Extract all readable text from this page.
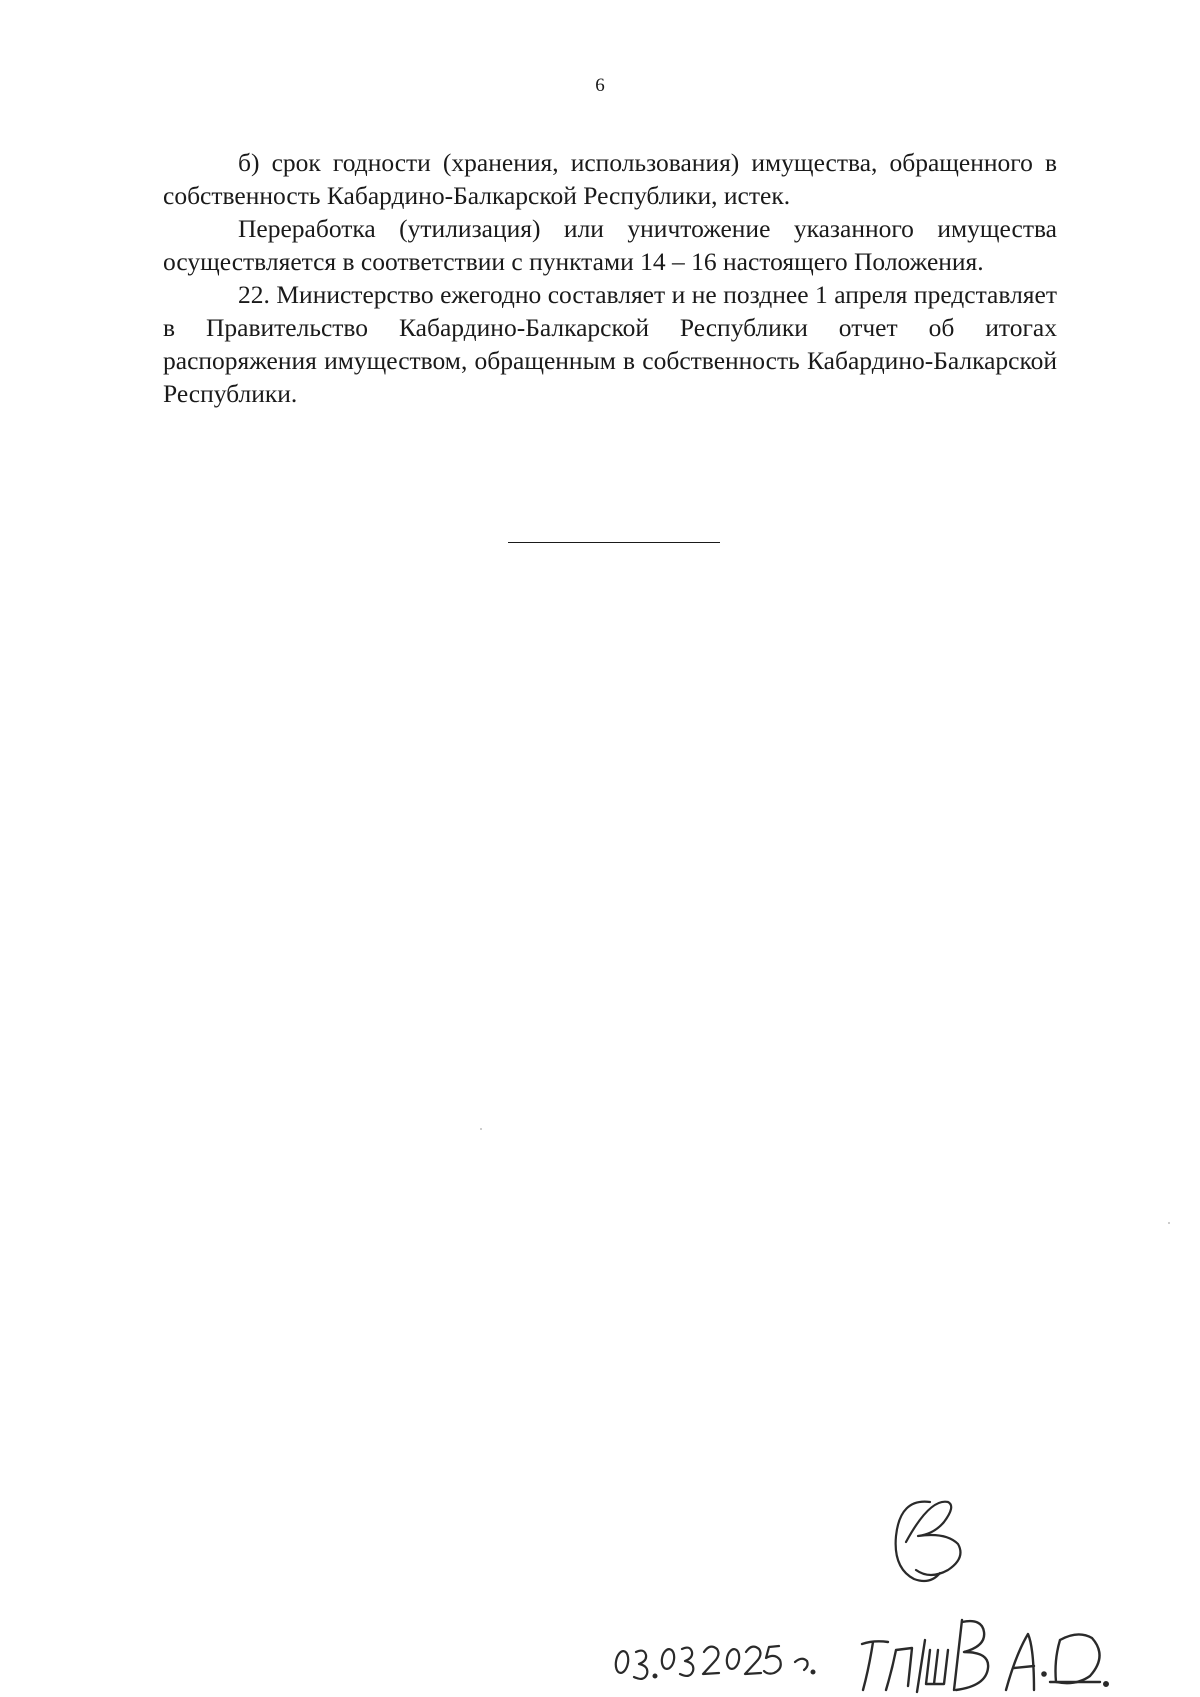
6

б) срок годности (хранения, использования) имущества, обращенного в собственность Кабардино-Балкарской Республики, истек.

Переработка (утилизация) или уничтожение указанного имущества осуществляется в соответствии с пунктами 14 – 16 настоящего Положения.

22. Министерство ежегодно составляет и не позднее 1 апреля представляет в Правительство Кабардино-Балкарской Республики отчет об итогах распоряжения имуществом, обращенным в собственность Кабардино-Балкарской Республики.
